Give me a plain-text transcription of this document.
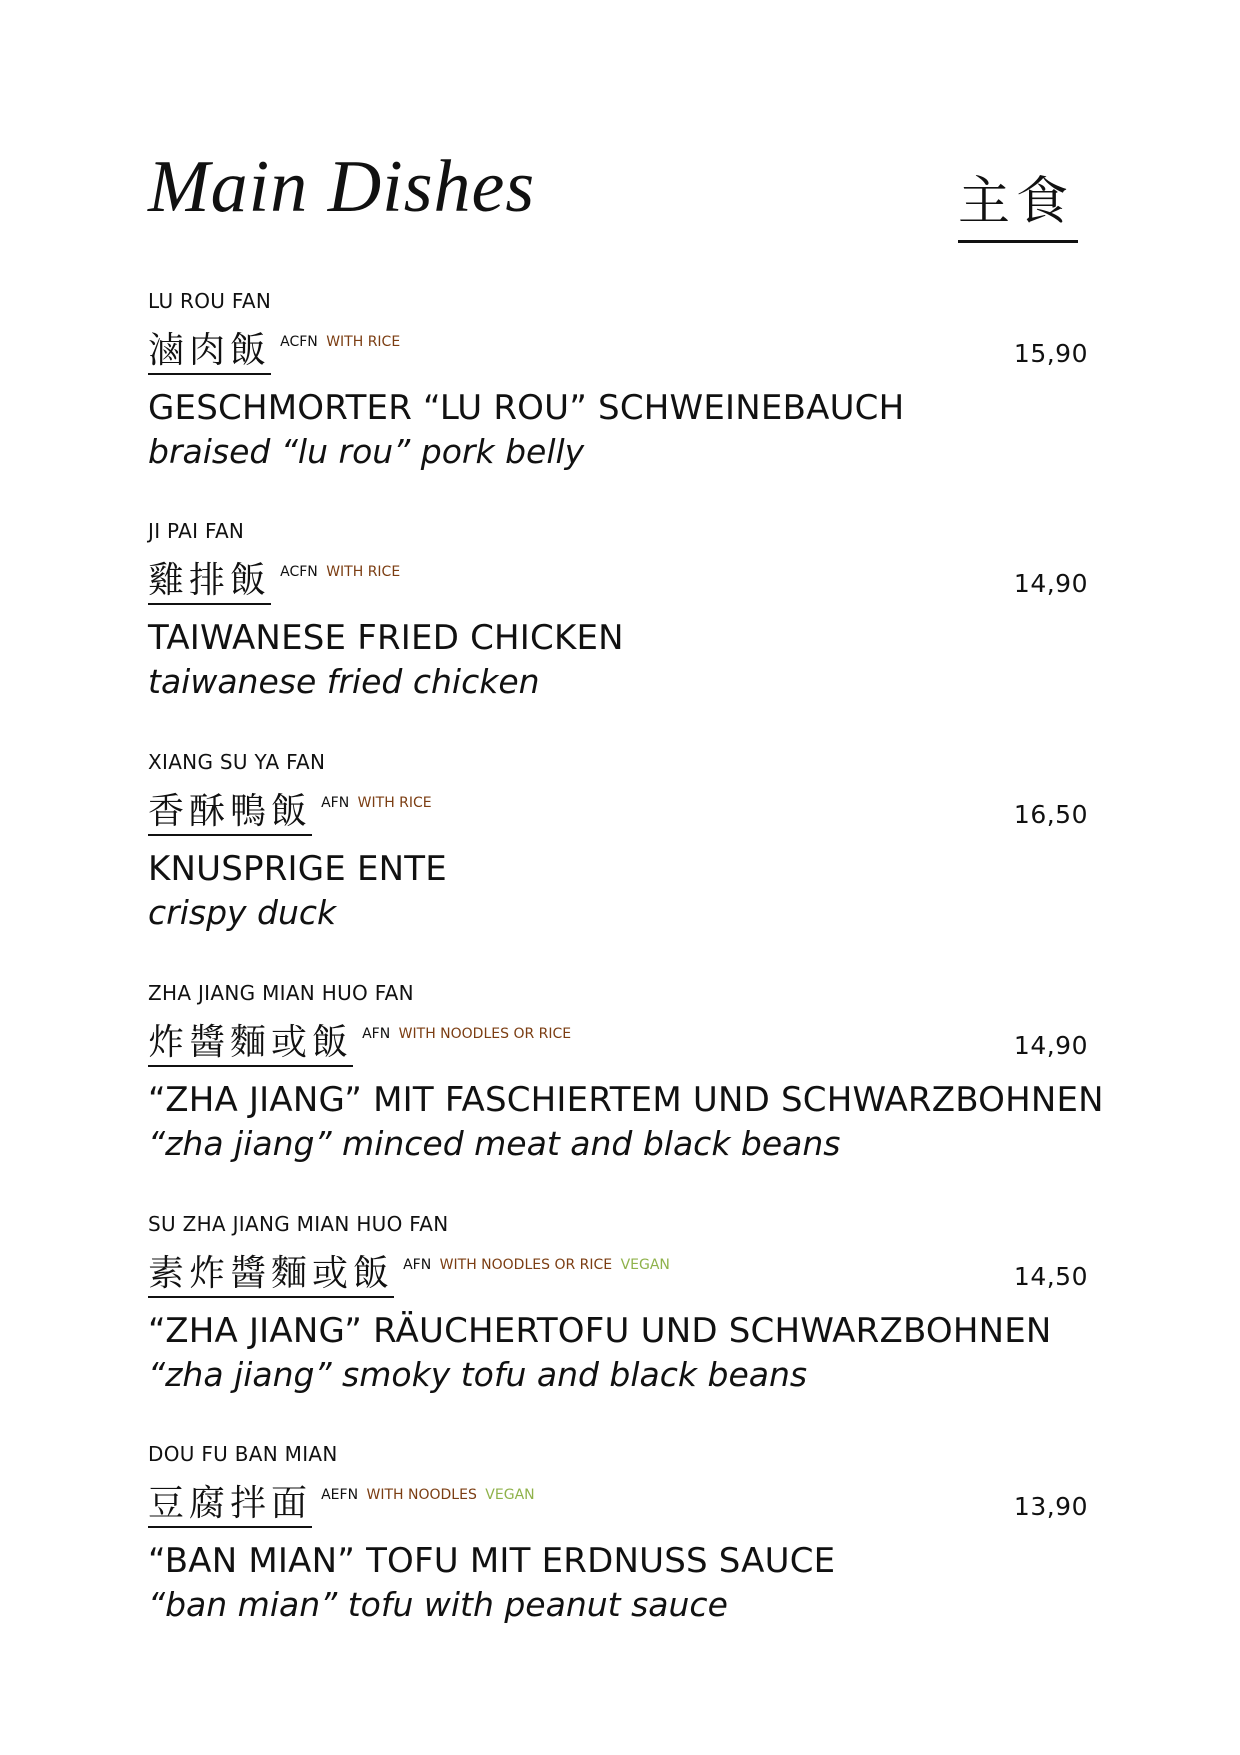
Main Dishes	主食
LU ROU FAN
滷肉飯 ACFN WITH RICE	15,90
GESCHMORTER “LU ROU” SCHWEINEBAUCH
braised “lu rou” pork belly
JI PAI FAN
雞排飯 ACFN WITH RICE	14,90
TAIWANESE FRIED CHICKEN
taiwanese fried chicken
XIANG SU YA FAN
香酥鴨飯 AFN WITH RICE	16,50
KNUSPRIGE ENTE
crispy duck
ZHA JIANG MIAN HUO FAN
炸醬麵或飯 AFN WITH NOODLES OR RICE	14,90
“ZHA JIANG” MIT FASCHIERTEM UND SCHWARZBOHNEN
“zha jiang” minced meat and black beans
SU ZHA JIANG MIAN HUO FAN
素炸醬麵或飯 AFN WITH NOODLES OR RICE VEGAN	14,50
“ZHA JIANG” RÄUCHERTOFU UND SCHWARZBOHNEN
“zha jiang” smoky tofu and black beans
DOU FU BAN MIAN
豆腐拌面 AEFN WITH NOODLES VEGAN	13,90
“BAN MIAN” TOFU MIT ERDNUSS SAUCE
“ban mian” tofu with peanut sauce
